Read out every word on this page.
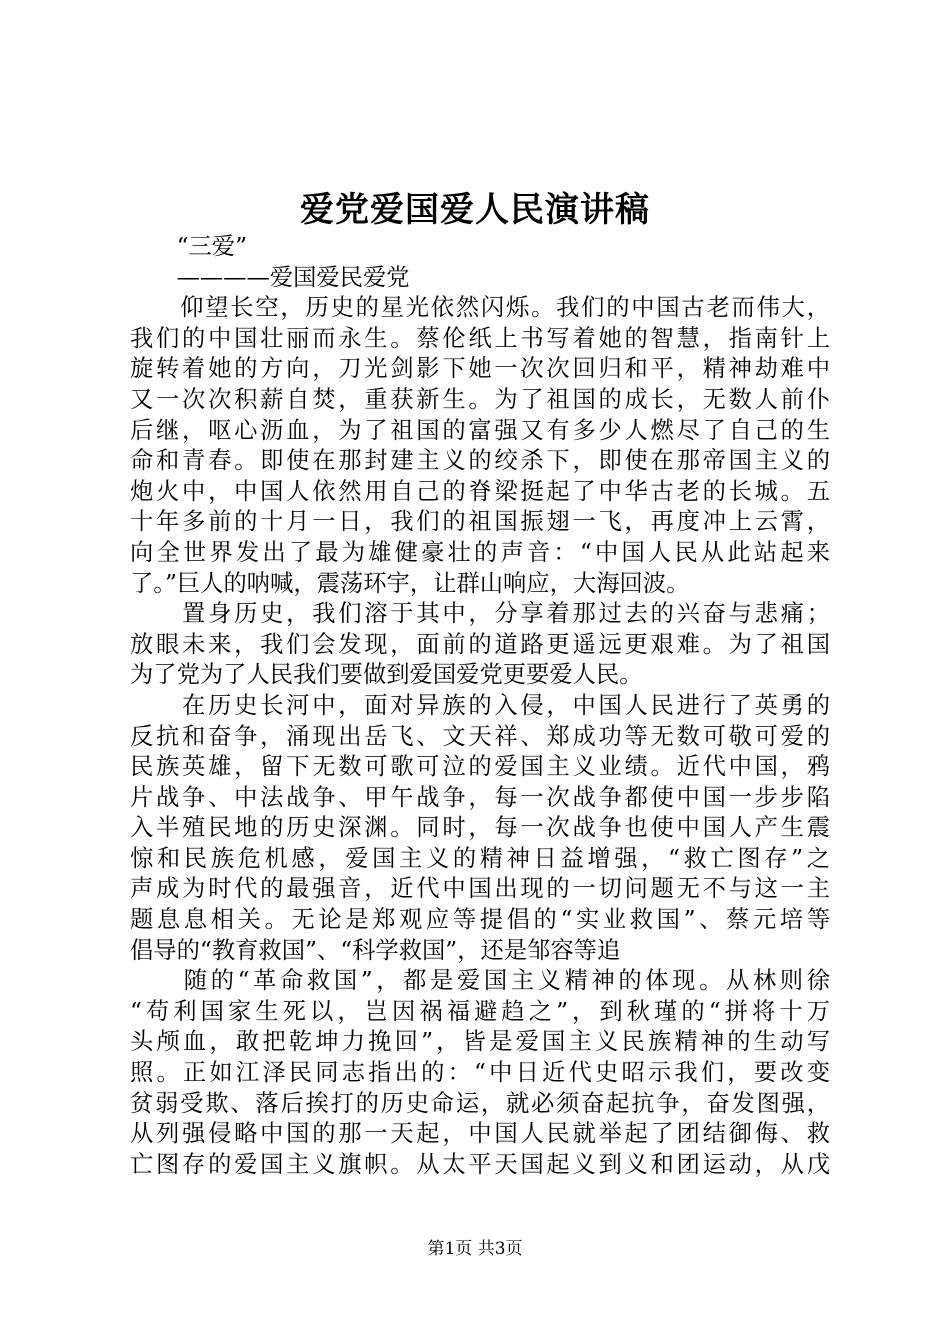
爱党爱国爱人民演讲稿
　　“三爱”
　　————爱国爱民爱党
　　仰望长空，历史的星光依然闪烁。我们的中国古老而伟大，
我们的中国壮丽而永生。蔡伦纸上书写着她的智慧，指南针上
旋转着她的方向，刀光剑影下她一次次回归和平，精神劫难中
又一次次积薪自焚，重获新生。为了祖国的成长，无数人前仆
后继，呕心沥血，为了祖国的富强又有多少人燃尽了自己的生
命和青春。即使在那封建主义的绞杀下，即使在那帝国主义的
炮火中，中国人依然用自己的脊梁挺起了中华古老的长城。五
十年多前的十月一日，我们的祖国振翅一飞，再度冲上云霄，
向全世界发出了最为雄健豪壮的声音：“中国人民从此站起来
了。”巨人的呐喊，震荡环宇，让群山响应，大海回波。
　　置身历史，我们溶于其中，分享着那过去的兴奋与悲痛；
放眼未来，我们会发现，面前的道路更遥远更艰难。为了祖国
为了党为了人民我们要做到爱国爱党更要爱人民。
　　在历史长河中，面对异族的入侵，中国人民进行了英勇的
反抗和奋争，涌现出岳飞、文天祥、郑成功等无数可敬可爱的
民族英雄，留下无数可歌可泣的爱国主义业绩。近代中国，鸦
片战争、中法战争、甲午战争，每一次战争都使中国一步步陷
入半殖民地的历史深渊。同时，每一次战争也使中国人产生震
惊和民族危机感，爱国主义的精神日益增强，“救亡图存”之
声成为时代的最强音，近代中国出现的一切问题无不与这一主
题息息相关。无论是郑观应等提倡的“实业救国”、蔡元培等
倡导的“教育救国”、“科学救国”，还是邹容等追
　　随的“革命救国”，都是爱国主义精神的体现。从林则徐
“苟利国家生死以，岂因祸福避趋之”，到秋瑾的“拼将十万
头颅血，敢把乾坤力挽回”，皆是爱国主义民族精神的生动写
照。正如江泽民同志指出的：“中日近代史昭示我们，要改变
贫弱受欺、落后挨打的历史命运，就必须奋起抗争，奋发图强，
从列强侵略中国的那一天起，中国人民就举起了团结御侮、救
亡图存的爱国主义旗帜。从太平天国起义到义和团运动，从戊
第1页 共3页
